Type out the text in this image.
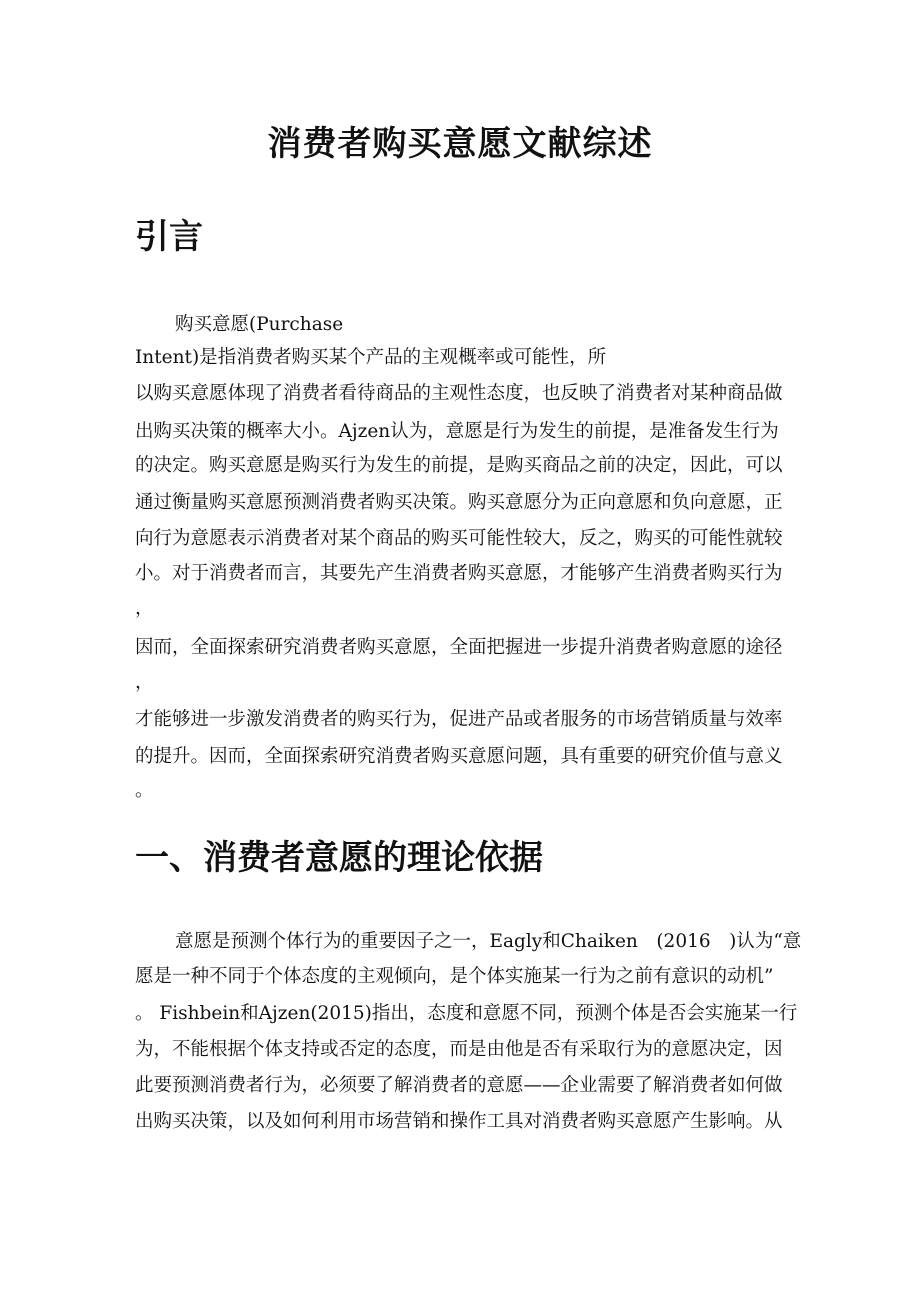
消费者购买意愿文献综述
引言
购买意愿(Purchase
Intent)是指消费者购买某个产品的主观概率或可能性，所
以购买意愿体现了消费者看待商品的主观性态度，也反映了消费者对某种商品做
出购买决策的概率大小。Ajzen认为，意愿是行为发生的前提，是准备发生行为
的决定。购买意愿是购买行为发生的前提，是购买商品之前的决定，因此，可以
通过衡量购买意愿预测消费者购买决策。购买意愿分为正向意愿和负向意愿，正
向行为意愿表示消费者对某个商品的购买可能性较大，反之，购买的可能性就较
小。对于消费者而言，其要先产生消费者购买意愿，才能够产生消费者购买行为
，
因而，全面探索研究消费者购买意愿，全面把握进一步提升消费者购意愿的途径
，
才能够进一步激发消费者的购买行为，促进产品或者服务的市场营销质量与效率
的提升。因而，全面探索研究消费者购买意愿问题，具有重要的研究价值与意义
。
一、消费者意愿的理论依据
意愿是预测个体行为的重要因子之一，Eagly和Chaiken　(2016　)认为“意
愿是一种不同于个体态度的主观倾向，是个体实施某一行为之前有意识的动机”
。 Fishbein和Ajzen(2015)指出，态度和意愿不同，预测个体是否会实施某一行
为，不能根据个体支持或否定的态度，而是由他是否有采取行为的意愿决定，因
此要预测消费者行为，必须要了解消费者的意愿——企业需要了解消费者如何做
出购买决策，以及如何利用市场营销和操作工具对消费者购买意愿产生影响。从
